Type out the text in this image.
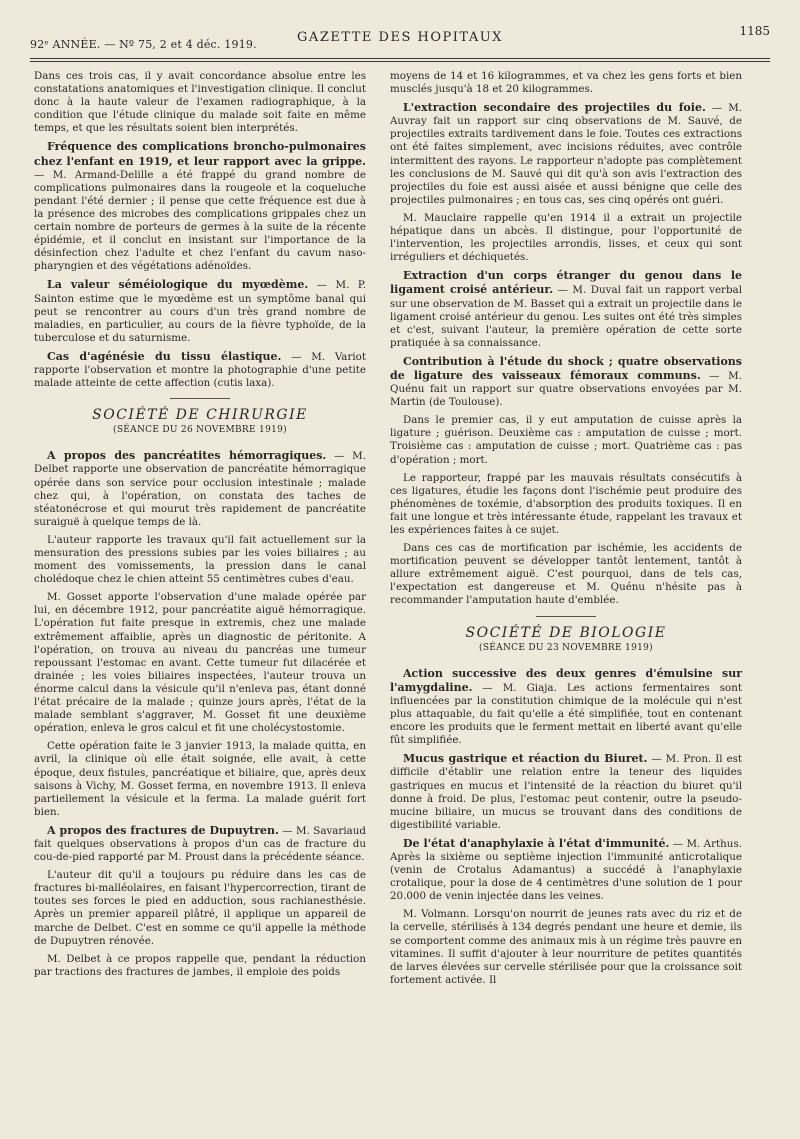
92ᵉ ANNÉE. — Nº 75, 2 et 4 déc. 1919.	GAZETTE DES HOPITAUX	1185

Dans ces trois cas, il y avait concordance absolue entre les constatations anatomiques et l'investigation clinique. Il conclut donc à la haute valeur de l'examen radiographique, à la condition que l'étude clinique du malade soit faite en même temps, et que les résultats soient bien interprétés.

Fréquence des complications broncho-pulmonaires chez l'enfant en 1919, et leur rapport avec la grippe. — M. Armand-Delille a été frappé du grand nombre de complications pulmonaires dans la rougeole et la coqueluche pendant l'été dernier ; il pense que cette fréquence est due à la présence des microbes des complications grippales chez un certain nombre de porteurs de germes à la suite de la récente épidémie, et il conclut en insistant sur l'importance de la désinfection chez l'adulte et chez l'enfant du cavum naso-pharyngien et des végétations adénoïdes.

La valeur séméiologique du myœdème. — M. P. Sainton estime que le myœdème est un symptôme banal qui peut se rencontrer au cours d'un très grand nombre de maladies, en particulier, au cours de la fièvre typhoïde, de la tuberculose et du saturnisme.

Cas d'agénésie du tissu élastique. — M. Variot rapporte l'observation et montre la photographie d'une petite malade atteinte de cette affection (cutis laxa).

SOCIÉTÉ DE CHIRURGIE
(SÉANCE DU 26 NOVEMBRE 1919)

A propos des pancréatites hémorragiques. — M. Delbet rapporte une observation de pancréatite hémorragique opérée dans son service pour occlusion intestinale ; malade chez qui, à l'opération, on constata des taches de stéatonécrose et qui mourut très rapidement de pancréatite suraiguë à quelque temps de là.

L'auteur rapporte les travaux qu'il fait actuellement sur la mensuration des pressions subies par les voies biliaires ; au moment des vomissements, la pression dans le canal cholédoque chez le chien atteint 55 centimètres cubes d'eau.

M. Gosset apporte l'observation d'une malade opérée par lui, en décembre 1912, pour pancréatite aiguë hémorragique. L'opération fut faite presque in extremis, chez une malade extrêmement affaiblie, après un diagnostic de péritonite. A l'opération, on trouva au niveau du pancréas une tumeur repoussant l'estomac en avant. Cette tumeur fut dilacérée et drainée ; les voies biliaires inspectées, l'auteur trouva un énorme calcul dans la vésicule qu'il n'enleva pas, étant donné l'état précaire de la malade ; quinze jours après, l'état de la malade semblant s'aggraver, M. Gosset fit une deuxième opération, enleva le gros calcul et fit une cholécystostomie.

Cette opération faite le 3 janvier 1913, la malade quitta, en avril, la clinique où elle était soignée, elle avait, à cette époque, deux fistules, pancréatique et biliaire, que, après deux saisons à Vichy, M. Gosset ferma, en novembre 1913. Il enleva partiellement la vésicule et la ferma. La malade guérit fort bien.

A propos des fractures de Dupuytren. — M. Savariaud fait quelques observations à propos d'un cas de fracture du cou-de-pied rapporté par M. Proust dans la précédente séance.

L'auteur dit qu'il a toujours pu réduire dans les cas de fractures bi-malléolaires, en faisant l'hypercorrection, tirant de toutes ses forces le pied en adduction, sous rachianesthésie. Après un premier appareil plâtré, il applique un appareil de marche de Delbet. C'est en somme ce qu'il appelle la méthode de Dupuytren rénovée.

M. Delbet à ce propos rappelle que, pendant la réduction par tractions des fractures de jambes, il emploie des poids

moyens de 14 et 16 kilogrammes, et va chez les gens forts et bien musclés jusqu'à 18 et 20 kilogrammes.

L'extraction secondaire des projectiles du foie. — M. Auvray fait un rapport sur cinq observations de M. Sauvé, de projectiles extraits tardivement dans le foie. Toutes ces extractions ont été faites simplement, avec incisions réduites, avec contrôle intermittent des rayons. Le rapporteur n'adopte pas complètement les conclusions de M. Sauvé qui dit qu'à son avis l'extraction des projectiles du foie est aussi aisée et aussi bénigne que celle des projectiles pulmonaires ; en tous cas, ses cinq opérés ont guéri.

M. Mauclaire rappelle qu'en 1914 il a extrait un projectile hépatique dans un abcès. Il distingue, pour l'opportunité de l'intervention, les projectiles arrondis, lisses, et ceux qui sont irréguliers et déchiquetés.

Extraction d'un corps étranger du genou dans le ligament croisé antérieur. — M. Duval fait un rapport verbal sur une observation de M. Basset qui a extrait un projectile dans le ligament croisé antérieur du genou. Les suites ont été très simples et c'est, suivant l'auteur, la première opération de cette sorte pratiquée à sa connaissance.

Contribution à l'étude du shock ; quatre observations de ligature des vaisseaux fémoraux communs. — M. Quénu fait un rapport sur quatre observations envoyées par M. Martin (de Toulouse).

Dans le premier cas, il y eut amputation de cuisse après la ligature ; guérison. Deuxième cas : amputation de cuisse ; mort. Troisième cas : amputation de cuisse ; mort. Quatrième cas : pas d'opération ; mort.

Le rapporteur, frappé par les mauvais résultats consécutifs à ces ligatures, étudie les façons dont l'ischémie peut produire des phénomènes de toxémie, d'absorption des produits toxiques. Il en fait une longue et très intéressante étude, rappelant les travaux et les expériences faites à ce sujet.

Dans ces cas de mortification par ischémie, les accidents de mortification peuvent se développer tantôt lentement, tantôt à allure extrêmement aiguë. C'est pourquoi, dans de tels cas, l'expectation est dangereuse et M. Quénu n'hésite pas à recommander l'amputation haute d'emblée.

SOCIÉTÉ DE BIOLOGIE
(SÉANCE DU 23 NOVEMBRE 1919)

Action successive des deux genres d'émulsine sur l'amygdaline. — M. Giaja. Les actions fermentaires sont influencées par la constitution chimique de la molécule qui n'est plus attaquable, du fait qu'elle a été simplifiée, tout en contenant encore les produits que le ferment mettait en liberté avant qu'elle fût simplifiée.

Mucus gastrique et réaction du Biuret. — M. Pron. Il est difficile d'établir une relation entre la teneur des liquides gastriques en mucus et l'intensité de la réaction du biuret qu'il donne à froid. De plus, l'estomac peut contenir, outre la pseudo-mucine biliaire, un mucus se trouvant dans des conditions de digestibilité variable.

De l'état d'anaphylaxie à l'état d'immunité. — M. Arthus. Après la sixième ou septième injection l'immunité anticrotalique (venin de Crotalus Adamantus) a succédé à l'anaphylaxie crotalique, pour la dose de 4 centimètres d'une solution de 1 pour 20.000 de venin injectée dans les veines.

M. Volmann. Lorsqu'on nourrit de jeunes rats avec du riz et de la cervelle, stérilisés à 134 degrés pendant une heure et demie, ils se comportent comme des animaux mis à un régime très pauvre en vitamines. Il suffit d'ajouter à leur nourriture de petites quantités de larves élevées sur cervelle stérilisée pour que la croissance soit fortement activée. Il
